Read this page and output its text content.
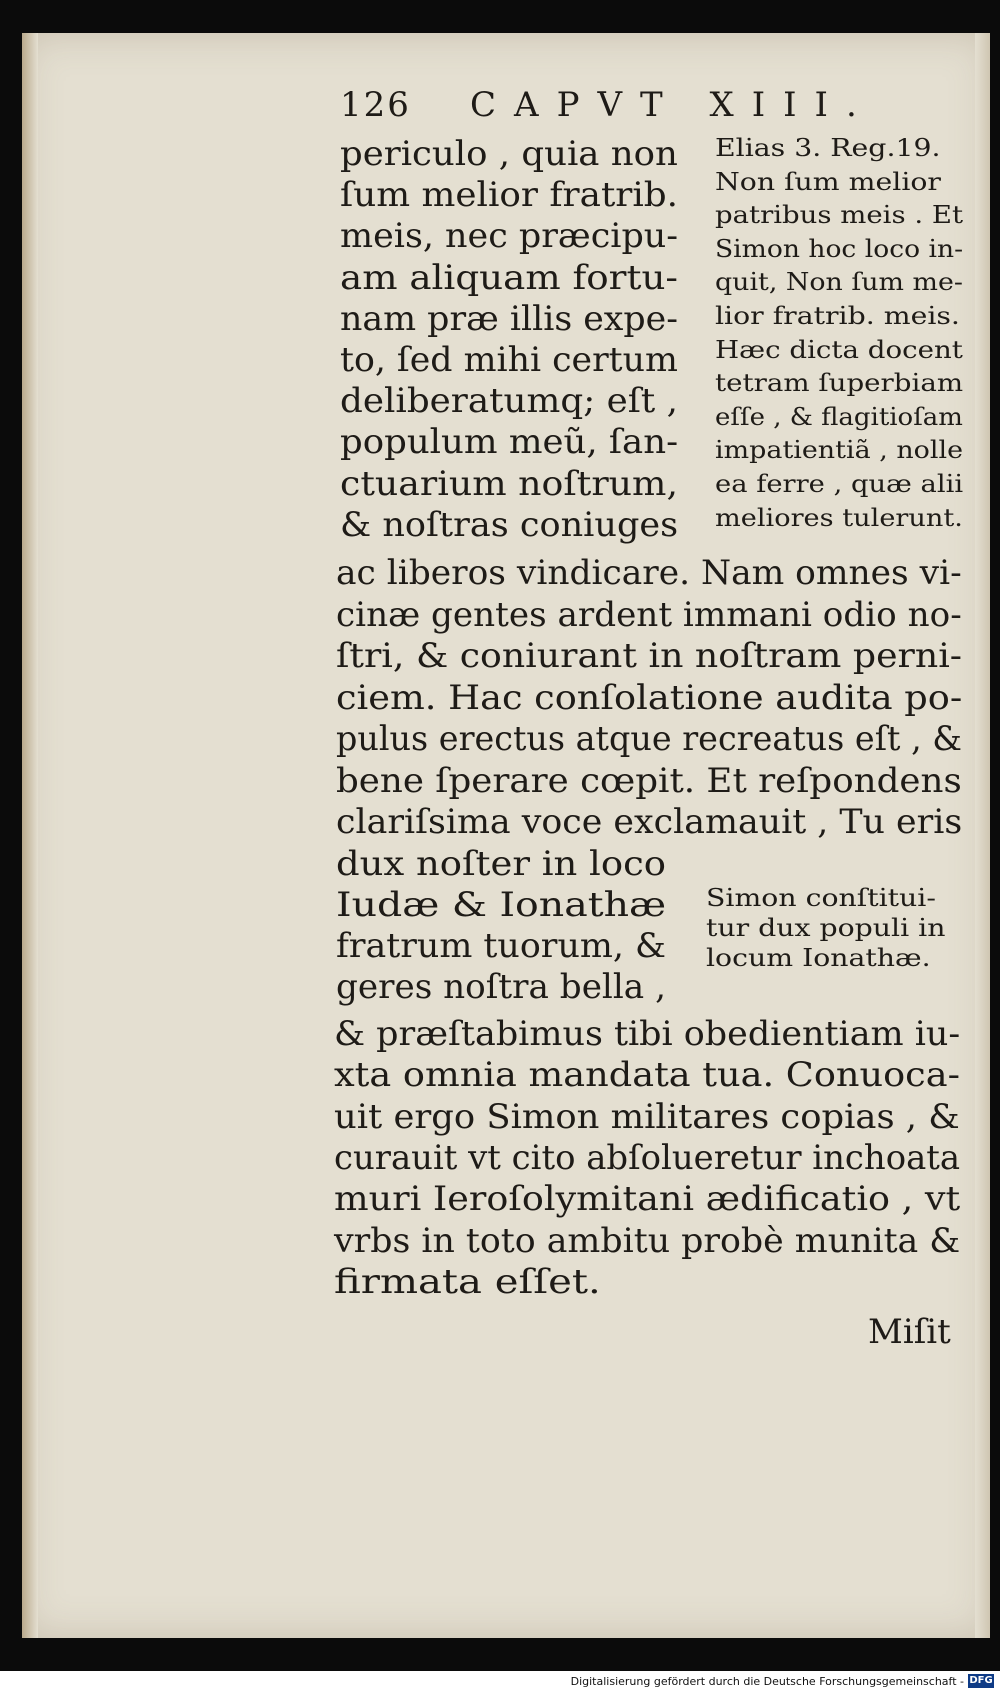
126 CAPVT XIII.
periculo , quia non
ſum melior fratrib.
meis, nec præcipu-
am aliquam fortu-
nam præ illis expe-
to, ſed mihi certum
deliberatumq; eſt ,
populum meũ, ſan-
ctuarium noſtrum,
& noſtras coniuges
ac liberos vindicare. Nam omnes vi-
cinæ gentes ardent immani odio no-
ſtri, & coniurant in noſtram perni-
ciem. Hac conſolatione audita po-
pulus erectus atque recreatus eſt , &
bene ſperare cœpit. Et reſpondens
clariſsima voce exclamauit , Tu eris
dux noſter in loco
Iudæ & Ionathæ
fratrum tuorum, &
geres noſtra bella ,
& præſtabimus tibi obedientiam iu-
xta omnia mandata tua. Conuoca-
uit ergo Simon militares copias , &
curauit vt cito abſolueretur inchoata
muri Ieroſolymitani ædificatio , vt
vrbs in toto ambitu probè munita &
firmata eſſet.
Elias 3. Reg.19.
Non ſum melior
patribus meis . Et
Simon hoc loco in-
quit, Non ſum me-
lior fratrib. meis.
Hæc dicta docent
tetram ſuperbiam
eſſe , & flagitioſam
impatientiã , nolle
ea ferre , quæ alii
meliores tulerunt.
Simon conſtitui-
tur dux populi in
locum Ionathæ.
Miſit
Digitalisierung gefördert durch die Deutsche Forschungsgemeinschaft - DFG
